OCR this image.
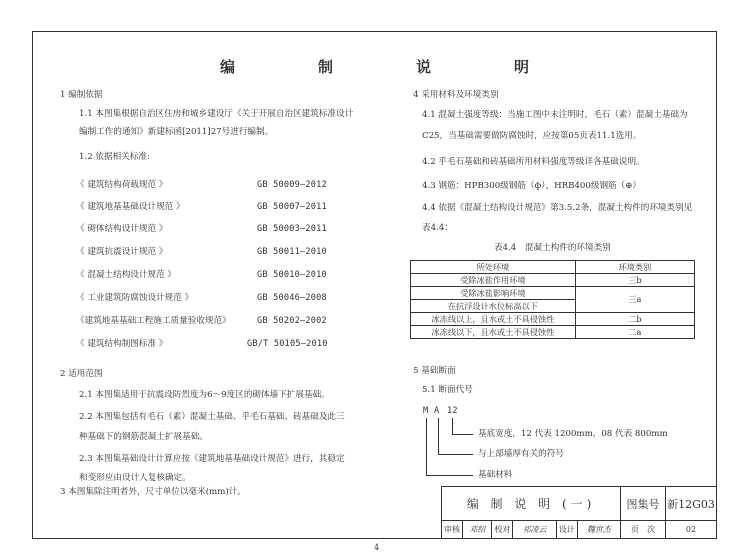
编　制　说　明
1 编制依据
1.1 本图集根据自治区住房和城乡建设厅《关于开展自治区建筑标准设计
编制工作的通知》新建标函[2011]27号进行编制。
1.2 依据相关标准:
《 建筑结构荷载规范 》	GB 50009—2012
《 建筑地基基础设计规范 》	GB 50007—2011
《 砌体结构设计规范 》	GB 50003—2011
《 建筑抗震设计规范 》	GB 50011—2010
《 混凝土结构设计规范 》	GB 50010—2010
《 工业建筑防腐蚀设计规范 》	GB 50046—2008
《建筑地基基础工程施工质量验收规范》	GB 50202—2002
《 建筑结构制图标准 》	GB/T 50105—2010
2 适用范围
2.1 本图集适用于抗震设防烈度为6～9度区的砌体墙下扩展基础。
2.2 本图集包括有毛石（素）混凝土基础、乎毛石基础、砖基础及此三
种基础下的钢筋混凝土扩展基础。
2.3 本图集基础设计计算应按《建筑地基基础设计规范》进行，其稳定
和变形应由设计人复核确定。
3 本图集除注明者外，尺寸单位以毫米(mm)计。
4 采用材料及环境类别
4.1 混凝土强度等级：当施工图中未注明时，毛石（素）混凝土基础为
C25，当基础需要做防腐蚀时，应按第05页表11.1选用。
4.2 乎毛石基础和砖基础所用材料强度等级详各基础说明。
4.3 钢筋：HPB300级钢筋（ф），HRB400级钢筋（⊕）
4.4 依据《混凝土结构设计规范》第3.5.2条，混凝土构件的环境类别见
表4.4：
表4.4　混凝土构件的环境类别
所处环境	环境类别
受除冰盐作用环境	三b
受除冰盐影响环境	三a
在抗浮设计水位标高以下	
冰冻线以上，且水或土不具侵蚀性	二b
冰冻线以下，且水或土不具侵蚀性	二a
5 基础断面
5.1 断面代号
M A 12
基底宽度，12 代表 1200mm，08 代表 800mm
与上部墙厚有关的符号
基础材料
编 制 说 明 (一)						图集号	新12G03
审核	邓绍	校对	祁凌云	设计	魏世杰	页　次	02
4
